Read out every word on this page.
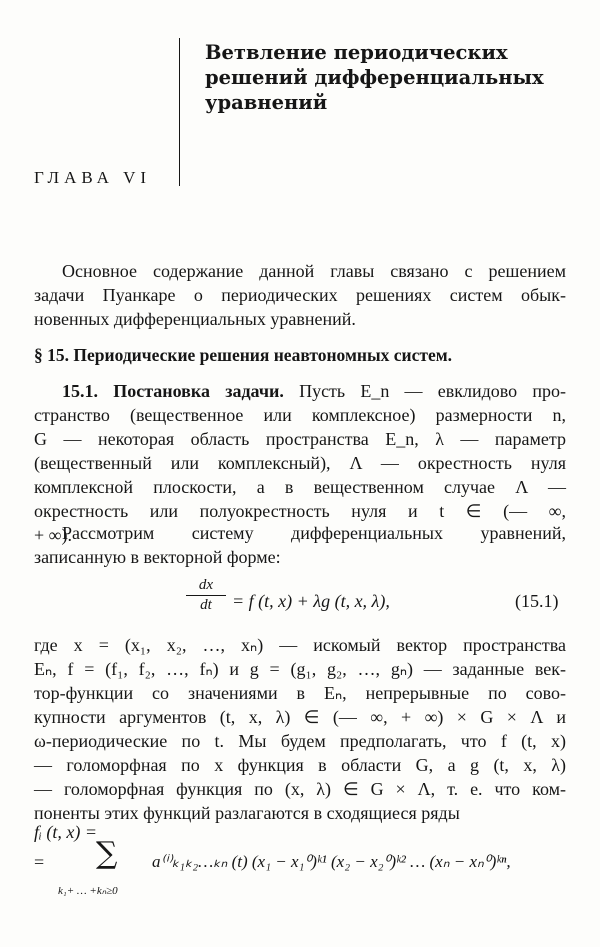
Ветвление периодических
решений дифференциальных
уравнений
ГЛАВА VI
Основное содержание данной главы связано с решением
задачи Пуанкаре о периодических решениях систем обык-
новенных дифференциальных уравнений.
§ 15. Периодические решения неавтономных систем.
15.1. Постановка задачи. Пусть E_n — евклидово про-
странство (вещественное или комплексное) размерности n,
G — некоторая область пространства E_n, λ — параметр
(вещественный или комплексный), Λ — окрестность нуля
комплексной плоскости, а в вещественном случае Λ —
окрестность или полуокрестность нуля и t ∈ (— ∞,
+ ∞).
Рассмотрим систему дифференциальных уравнений,
записанную в векторной форме:
dx
dt	= f (t, x) + λg (t, x, λ),	(15.1)
где x = (x₁, x₂, …, xₙ) — искомый вектор пространства
Eₙ, f = (f₁, f₂, …, fₙ) и g = (g₁, g₂, …, gₙ) — заданные век-
тор-функции со значениями в Eₙ, непрерывные по сово-
купности аргументов (t, x, λ) ∈ (— ∞, + ∞) × G × Λ и
ω-периодические по t. Мы будем предполагать, что f (t, x)
— голоморфная по x функция в области G, а g (t, x, λ)
— голоморфная функция по (x, λ) ∈ G × Λ, т. е. что ком-
поненты этих функций разлагаются в сходящиеся ряды
fᵢ (t, x) =
= ∑
k₁+ … +kₙ≥0
a⁽ⁱ⁾ₖ₁ₖ₂…ₖₙ (t) (x₁ − x₁⁰)ᵏ¹ (x₂ − x₂⁰)ᵏ² … (xₙ − xₙ⁰)ᵏⁿ,
